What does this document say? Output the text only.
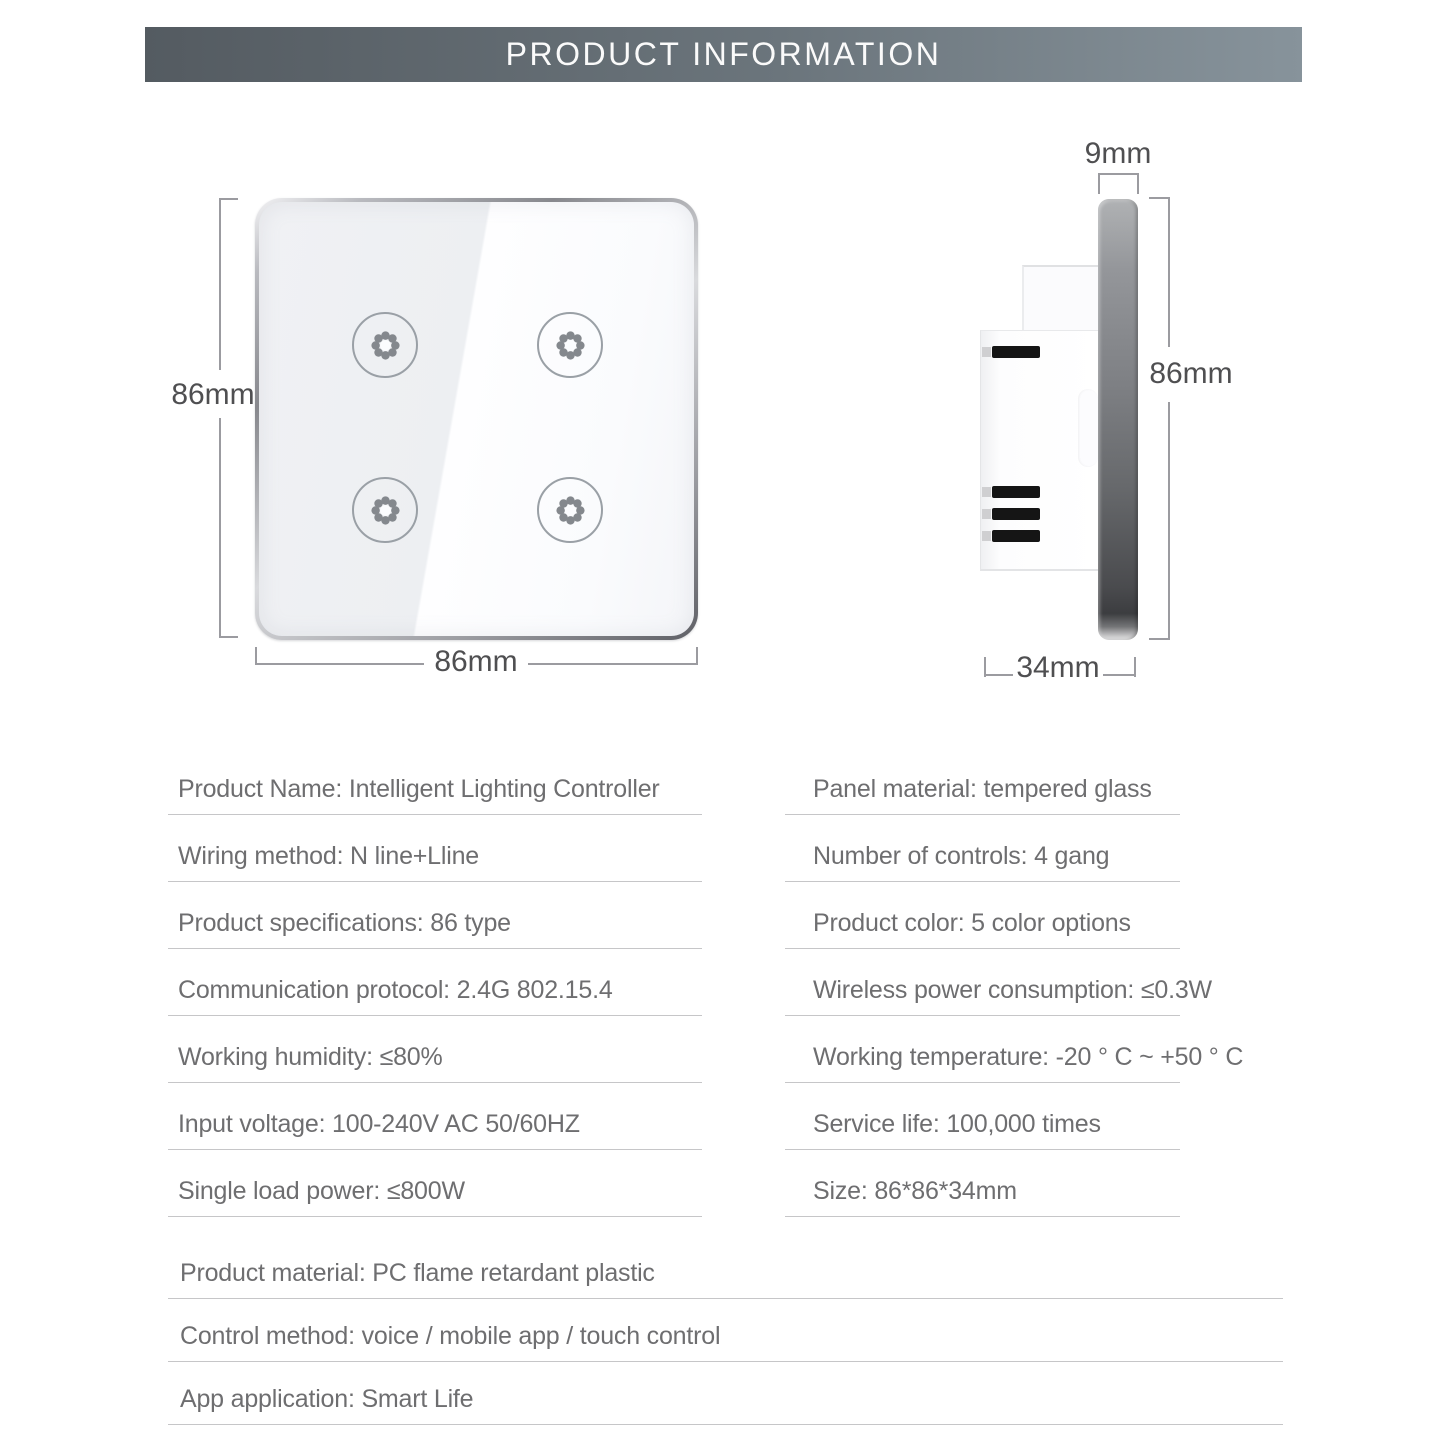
PRODUCT INFORMATION
86mm
86mm
9mm
86mm
34mm
Product Name: Intelligent Lighting Controller	Panel material: tempered glass
Wiring method: N line+Lline	Number of controls: 4 gang
Product specifications: 86 type	Product color: 5 color options
Communication protocol: 2.4G 802.15.4	Wireless power consumption: ≤0.3W
Working humidity: ≤80%	Working temperature: -20 ° C ~ +50 ° C
Input voltage: 100-240V AC 50/60HZ	Service life: 100,000 times
Single load power: ≤800W	Size: 86*86*34mm
Product material: PC flame retardant plastic
Control method: voice / mobile app / touch control
App application: Smart Life
